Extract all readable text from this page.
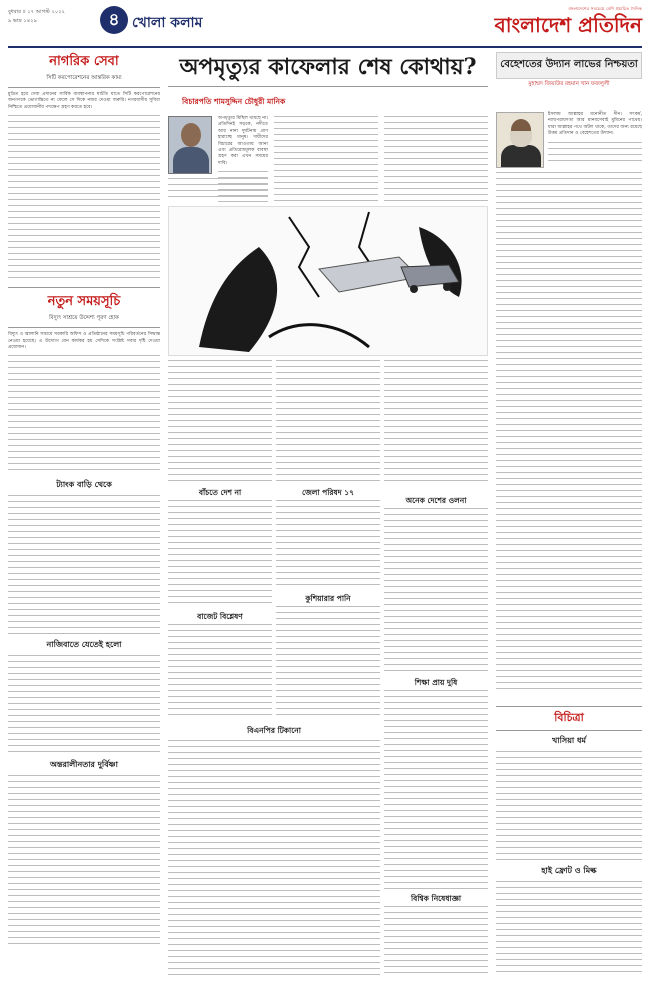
বুধবার ॥ ১৭ আগস্ট ২০২২
৯ ভাদ্র ১৪২৯	৪ খোলা কলাম
বাংলাদেশের সবচেয়ে বেশি প্রচারিত দৈনিক
বাংলাদেশ প্রতিদিন
নাগরিক সেবা
সিটি করপোরেশনের আন্তরিক কাম্য
মুদ্রিত হয়ে সেবা প্রদানের সার্বিক ব্যবস্থাপনার ঘাটতি যাতে সিটি করপোরেশনের জনগণকে ভোগান্তিতে না ফেলে সে দিকে নজর দেওয়া জরুরি। নগরবাসীর সুবিধা নিশ্চিতে প্রয়োজনীয় পদক্ষেপ গ্রহণ করতে হবে।
নতুন সময়সূচি
বিদ্যুৎ সাশ্রয়ে উদ্দেশ্য পূরণ হোক
বিদ্যুৎ ও জ্বালানি সাশ্রয়ে সরকারি অফিস ও প্রতিষ্ঠানের সময়সূচি পরিবর্তনের সিদ্ধান্ত নেওয়া হয়েছে। এ উদ্যোগ যেন কার্যকর হয় সেদিকে সংশ্লিষ্ট সবার দৃষ্টি দেওয়া প্রয়োজন।
ট্যাংক বাড়ি থেকে
নাজিবাতে যেতেই হলো
অন্তরালীনতার দুর্বিষ্ণা
অপমৃত্যুর কাফেলার শেষ কোথায়?
বিচারপতি শামসুদ্দিন চৌধুরী মানিক
অপমৃত্যুর মিছিল থামছে না। প্রতিদিনই সড়কে, নদীতে আর নানা দুর্ঘটনায় প্রাণ হারাচ্ছে মানুষ। দায়ীদের বিচারের আওতায় আনা এবং প্রতিরোধমূলক ব্যবস্থা গ্রহণ করা এখন সময়ের দাবি।
বাঁচতে দেশ না	জেলা পরিষদ ১৭
অনেক দেশের ওলনা
বাজেট বিশ্লেষণ
কুশিয়ারার পানি
শিক্ষা প্রায় দুষি
বিএনপির টিকানো
বিশ্বিক নিষেধাজ্ঞা
বেহেশতের উদ্যান লাভের নিশ্চয়তা
মুহাম্মদ জিয়াউর রহমান খান ফজলুলী
ইসলাম আল্লাহর মনোনীত দীন। সৎকর্ম, ন্যায়পরায়ণতা আর মানবসেবাই মুমিনের পাথেয়। যারা আল্লাহর পথে অটল থাকে, তাদের জন্য রয়েছে উত্তম প্রতিদান ও বেহেশতের উদ্যান।
বিচিত্রা
খাসিয়া ধর্ম
হাই ফ্রোট ও মিল্ক
